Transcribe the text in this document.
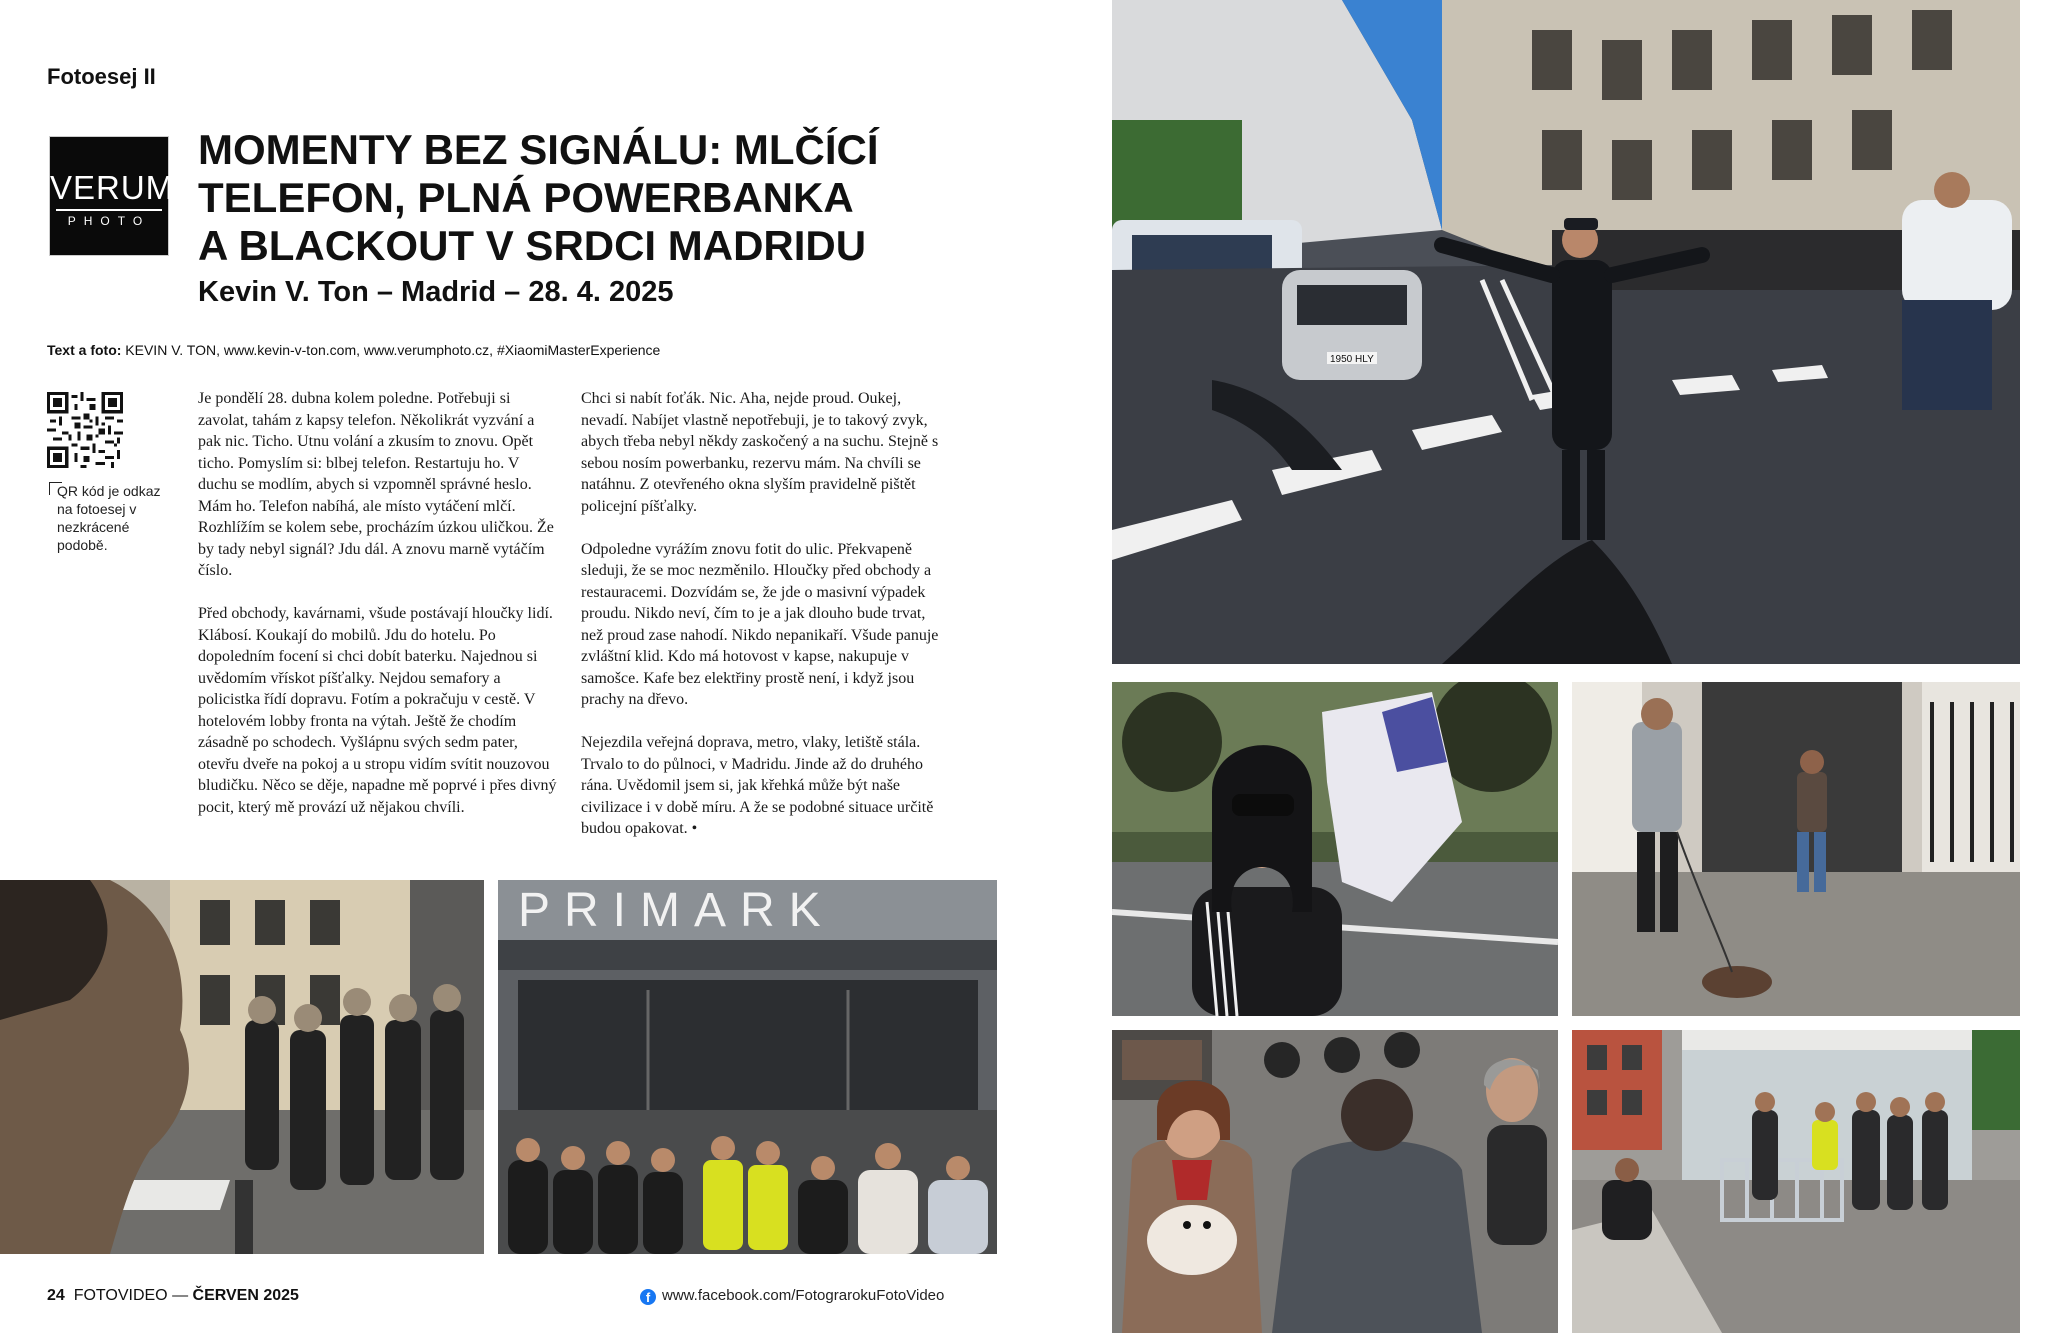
Fotoesej II
VERUM
PHOTO
MOMENTY BEZ SIGNÁLU: MLČÍCÍ
TELEFON, PLNÁ POWERBANKA
A BLACKOUT V SRDCI MADRIDU
Kevin V. Ton – Madrid – 28. 4. 2025
Text a foto: KEVIN V. TON, www.kevin-v-ton.com, www.verumphoto.cz, #XiaomiMasterExperience

QR kód je odkaz na fotoesej v nezkrácené podobě.

Je pondělí 28. dubna kolem poledne. Potřebuji si zavolat, tahám z kapsy telefon. Několikrát vyzvání a pak nic. Ticho. Utnu volání a zkusím to znovu. Opět ticho. Pomyslím si: blbej telefon. Restartuju ho. V duchu se modlím, abych si vzpomněl správné heslo. Mám ho. Telefon nabíhá, ale místo vytáčení mlčí. Rozhlížím se kolem sebe, procházím úzkou uličkou. Že by tady nebyl signál? Jdu dál. A znovu marně vytáčím číslo.

Před obchody, kavárnami, všude postávají hloučky lidí. Klábosí. Koukají do mobilů. Jdu do hotelu. Po dopoledním focení si chci dobít baterku. Najednou si uvědomím vřískot píšťalky. Nejdou semafory a policistka řídí dopravu. Fotím a pokračuju v cestě. V hotelovém lobby fronta na výtah. Ještě že chodím zásadně po schodech. Vyšlápnu svých sedm pater, otevřu dveře na pokoj a u stropu vidím svítit nouzovou bludičku. Něco se děje, napadne mě poprvé i přes divný pocit, který mě provází už nějakou chvíli.

Chci si nabít foťák. Nic. Aha, nejde proud. Oukej, nevadí. Nabíjet vlastně nepotřebuji, je to takový zvyk, abych třeba nebyl někdy zaskočený a na suchu. Stejně s sebou nosím powerbanku, rezervu mám. Na chvíli se natáhnu. Z otevřeného okna slyším pravidelně pištět policejní píšťalky.

Odpoledne vyrážím znovu fotit do ulic. Překvapeně sleduji, že se moc nezměnilo. Hloučky před obchody a restauracemi. Dozvídám se, že jde o masivní výpadek proudu. Nikdo neví, čím to je a jak dlouho bude trvat, než proud zase nahodí. Nikdo nepanikaří. Všude panuje zvláštní klid. Kdo má hotovost v kapse, nakupuje v samošce. Kafe bez elektřiny prostě není, i když jsou prachy na dřevo.

Nejezdila veřejná doprava, metro, vlaky, letiště stála. Trvalo to do půlnoci, v Madridu. Jinde až do druhého rána. Uvědomil jsem si, jak křehká může být naše civilizace i v době míru. A že se podobné situace určitě budou opakovat. •

PRIMARK
1950 HLY
24 FOTOVIDEO — ČERVEN 2025	f www.facebook.com/FotograrokuFotoVideo
